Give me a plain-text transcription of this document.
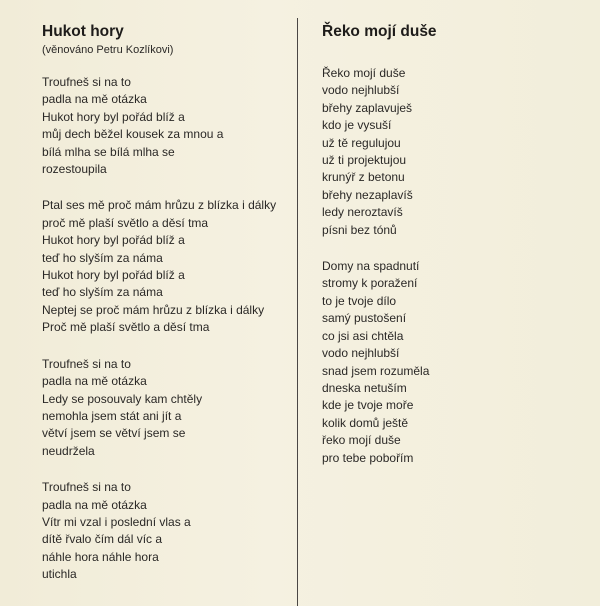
Hukot hory
(věnováno Petru Kozlíkovi)
Troufneš si na to
padla na mě otázka
Hukot hory byl pořád blíž a
můj dech běžel kousek za mnou a
bílá mlha se bílá mlha se
rozestoupila
Ptal ses mě proč mám hrůzu z blízka i dálky
proč mě plaší světlo a děsí tma
Hukot hory byl pořád blíž a
teď ho slyším za náma
Hukot hory byl pořád blíž a
teď ho slyším za náma
Neptej se proč mám hrůzu z blízka i dálky
Proč mě plaší světlo a děsí tma
Troufneš si na to
padla na mě otázka
Ledy se posouvaly kam chtěly
nemohla jsem stát ani jít a
větví jsem se větví jsem se
neudržela
Troufneš si na to
padla na mě otázka
Vítr mi vzal i poslední vlas a
dítě řvalo čím dál víc a
náhle hora náhle hora
utichla
Řeko mojí duše
Řeko mojí duše
vodo nejhlubší
břehy zaplavuješ
kdo je vysuší
už tě regulujou
už ti projektujou
krunýř z betonu
břehy nezaplavíš
ledy neroztavíš
písni bez tónů
Domy na spadnutí
stromy k poražení
to je tvoje dílo
samý pustošení
co jsi asi chtěla
vodo nejhlubší
snad jsem rozuměla
dneska netuším
kde je tvoje moře
kolik domů ještě
řeko mojí duše
pro tebe pobořím
